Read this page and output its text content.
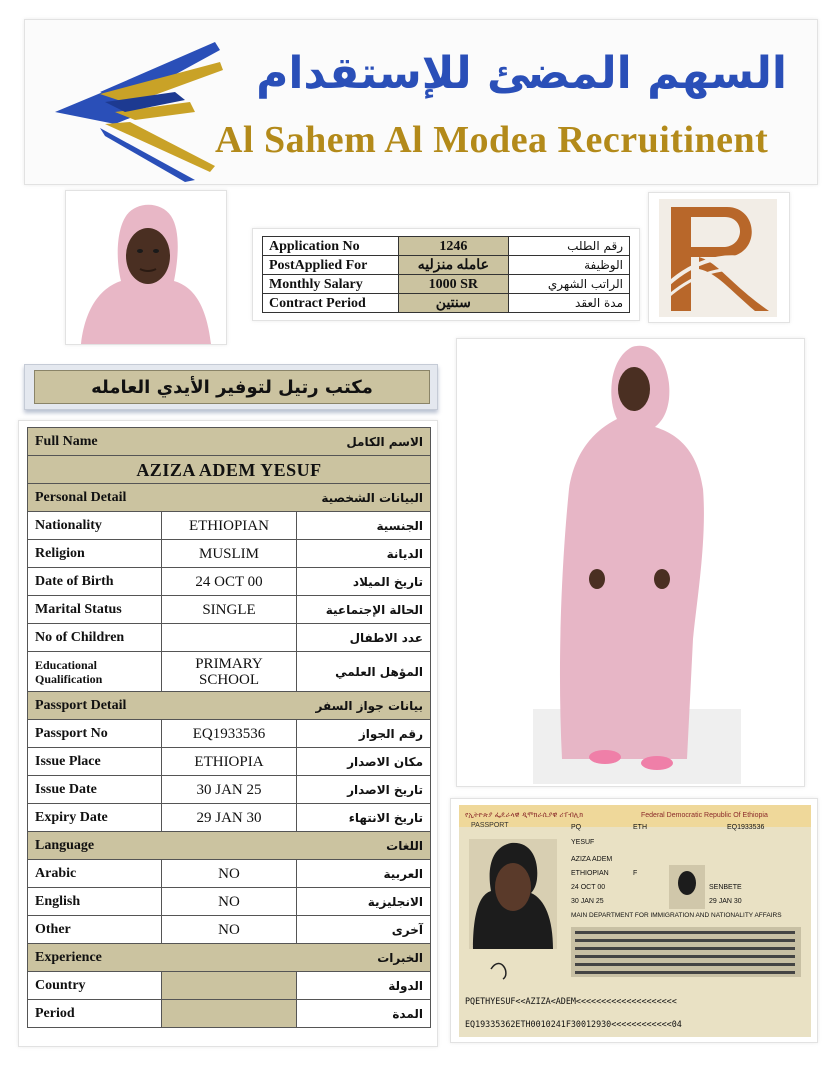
السهم المضئ للإستقدام
Al Sahem Al Modea Recruitinent
Application No	1246	رقم الطلب
PostApplied For	عامله منزليه	الوظيفة
Monthly Salary	1000 SR	الراتب الشهري
Contract Period	سنتين	مدة العقد
مكتب رتيل لتوفير الأيدي العامله
Full Name الاسم الكامل		

AZIZA ADEM YESUF		

Personal Detail البيانات الشخصية		

Nationality	ETHIOPIAN	الجنسية
Religion	MUSLIM	الديانة
Date of Birth	24 OCT 00	تاريخ الميلاد
Marital Status	SINGLE	الحالة الإجتماعية
No of Children		عدد الاطفال
Educational Qualification	PRIMARY SCHOOL	المؤهل العلمي

Passport Detail بيانات جواز السفر		

Passport No	EQ1933536	رقم الجواز
Issue Place	ETHIOPIA	مكان الاصدار
Issue Date	30 JAN 25	تاريخ الاصدار
Expiry Date	29 JAN 30	تاريخ الانتهاء

Language اللغات		

Arabic	NO	العربية
English	NO	الانجليزية
Other	NO	آخرى

Experience الخبرات		

Country		الدولة
Period		المدة
የኢትዮጵያ ፌዴራላዊ ዲሞክራሲያዊ ሪፐብሊክ	Federal Democratic Republic Of Ethiopia
PASSPORT	PQ	ETH	EQ1933536
YESUF
AZIZA ADEM
ETHIOPIAN	F
24 OCT 00	SENBETE
30 JAN 25	29 JAN 30
MAIN DEPARTMENT FOR IMMIGRATION AND NATIONALITY AFFAIRS
PQETHYESUF<<AZIZA<ADEM<<<<<<<<<<<<<<<<<<<<
EQ19335362ETH0010241F30012930<<<<<<<<<<<<04
